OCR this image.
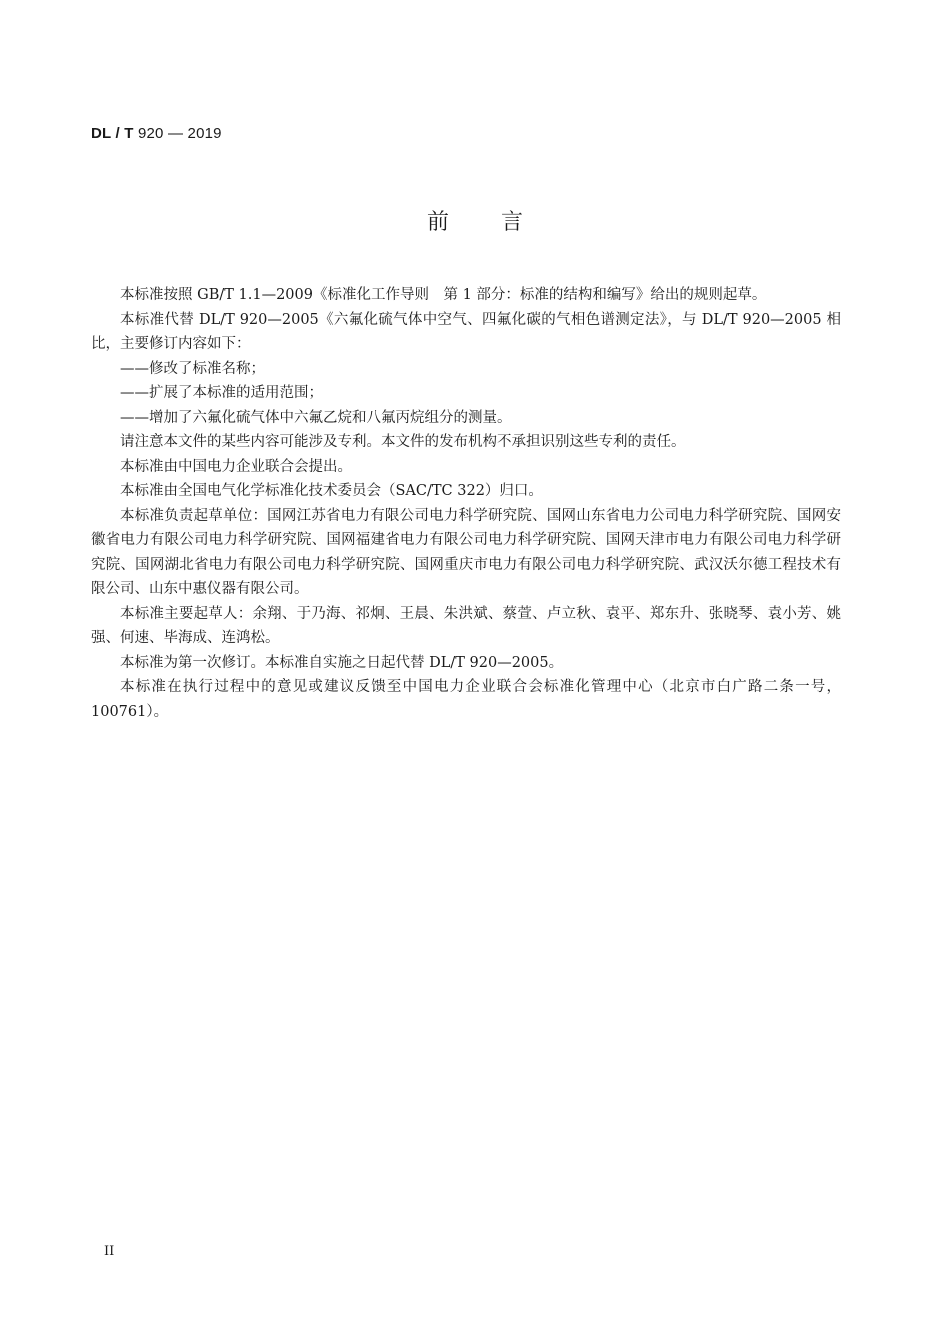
DL / T 920 — 2019
前言

本标准按照 GB/T 1.1—2009《标准化工作导则　第 1 部分：标准的结构和编写》给出的规则起草。

本标准代替 DL/T 920—2005《六氟化硫气体中空气、四氟化碳的气相色谱测定法》，与 DL/T 920—2005 相比，主要修订内容如下：

——修改了标准名称；

——扩展了本标准的适用范围；

——增加了六氟化硫气体中六氟乙烷和八氟丙烷组分的测量。

请注意本文件的某些内容可能涉及专利。本文件的发布机构不承担识别这些专利的责任。

本标准由中国电力企业联合会提出。

本标准由全国电气化学标准化技术委员会（SAC/TC 322）归口。

本标准负责起草单位：国网江苏省电力有限公司电力科学研究院、国网山东省电力公司电力科学研究院、国网安徽省电力有限公司电力科学研究院、国网福建省电力有限公司电力科学研究院、国网天津市电力有限公司电力科学研究院、国网湖北省电力有限公司电力科学研究院、国网重庆市电力有限公司电力科学研究院、武汉沃尔德工程技术有限公司、山东中惠仪器有限公司。

本标准主要起草人：余翔、于乃海、祁炯、王晨、朱洪斌、蔡萱、卢立秋、袁平、郑东升、张晓琴、袁小芳、姚强、何速、毕海成、连鸿松。

本标准为第一次修订。本标准自实施之日起代替 DL/T 920—2005。

本标准在执行过程中的意见或建议反馈至中国电力企业联合会标准化管理中心（北京市白广路二条一号，100761）。

II
